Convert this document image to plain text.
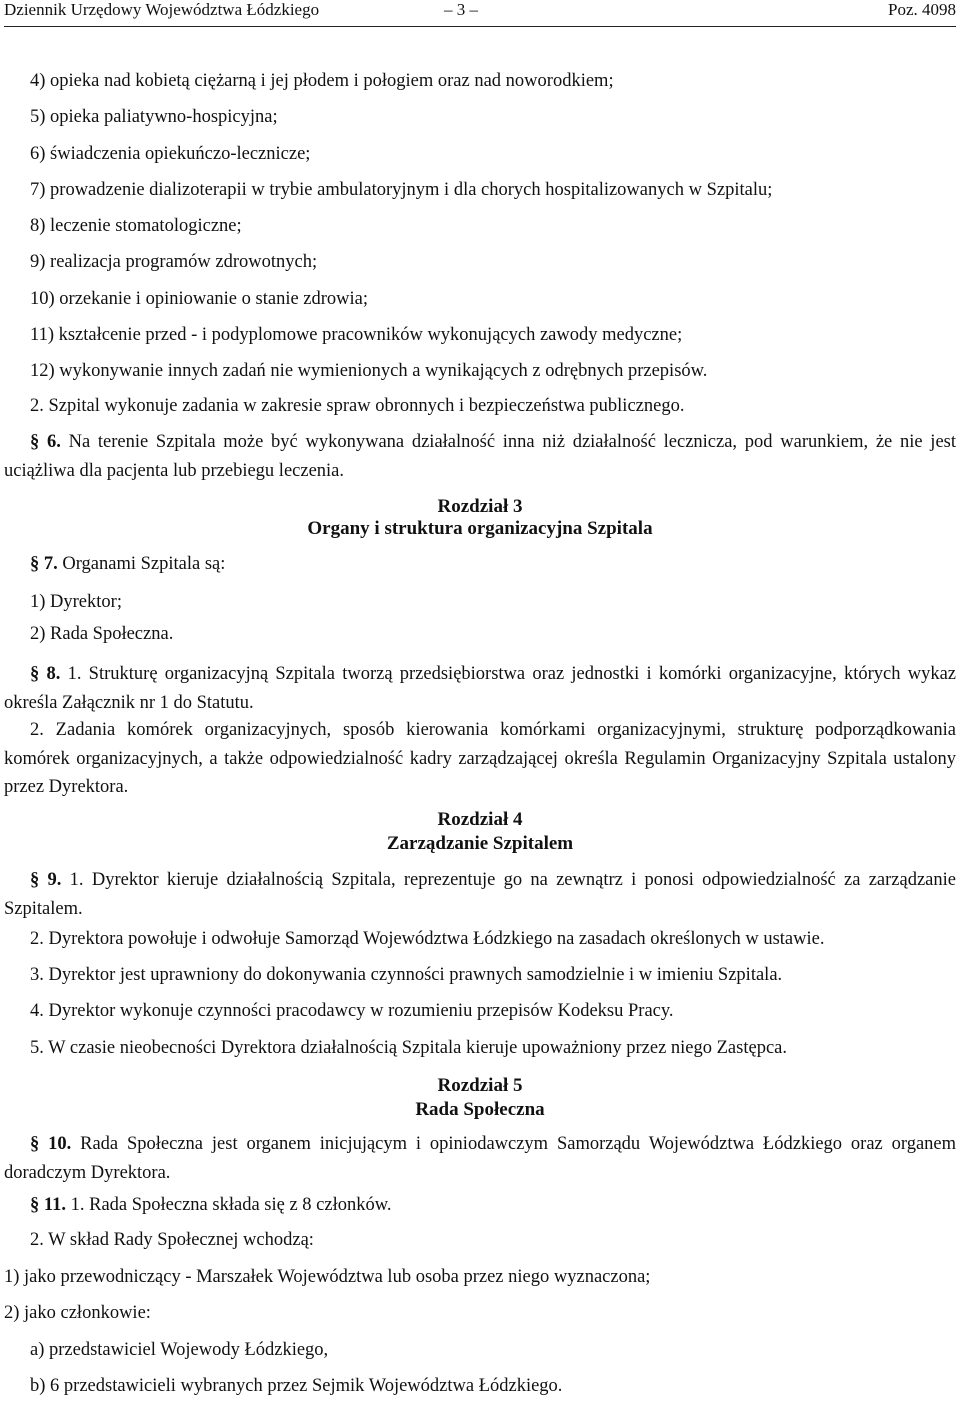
Dziennik Urzędowy Województwa Łódzkiego	– 3 –	Poz. 4098

4) opieka nad kobietą ciężarną i jej płodem i połogiem oraz nad noworodkiem;

5) opieka paliatywno-hospicyjna;

6) świadczenia opiekuńczo-lecznicze;

7) prowadzenie dializoterapii w trybie ambulatoryjnym i dla chorych hospitalizowanych w Szpitalu;

8) leczenie stomatologiczne;

9) realizacja programów zdrowotnych;

10) orzekanie i opiniowanie o stanie zdrowia;

11) kształcenie przed - i podyplomowe pracowników wykonujących zawody medyczne;

12) wykonywanie innych zadań nie wymienionych a wynikających z odrębnych przepisów.

2. Szpital wykonuje zadania w zakresie spraw obronnych i bezpieczeństwa publicznego.

§ 6. Na terenie Szpitala może być wykonywana działalność inna niż działalność lecznicza, pod warunkiem, że nie jest uciążliwa dla pacjenta lub przebiegu leczenia.

Rozdział 3

Organy i struktura organizacyjna Szpitala

§ 7. Organami Szpitala są:

1) Dyrektor;

2) Rada Społeczna.

§ 8. 1. Strukturę organizacyjną Szpitala tworzą przedsiębiorstwa oraz jednostki i komórki organizacyjne, których wykaz określa Załącznik nr 1 do Statutu.

2. Zadania komórek organizacyjnych, sposób kierowania komórkami organizacyjnymi, strukturę podporządkowania komórek organizacyjnych, a także odpowiedzialność kadry zarządzającej określa Regulamin Organizacyjny Szpitala ustalony przez Dyrektora.

Rozdział 4

Zarządzanie Szpitalem

§ 9. 1. Dyrektor kieruje działalnością Szpitala, reprezentuje go na zewnątrz i ponosi odpowiedzialność za zarządzanie Szpitalem.

2. Dyrektora powołuje i odwołuje Samorząd Województwa Łódzkiego na zasadach określonych w ustawie.

3. Dyrektor jest uprawniony do dokonywania czynności prawnych samodzielnie i w imieniu Szpitala.

4. Dyrektor wykonuje czynności pracodawcy w rozumieniu przepisów Kodeksu Pracy.

5. W czasie nieobecności Dyrektora działalnością Szpitala kieruje upoważniony przez niego Zastępca.

Rozdział 5

Rada Społeczna

§ 10. Rada Społeczna jest organem inicjującym i opiniodawczym Samorządu Województwa Łódzkiego oraz organem doradczym Dyrektora.

§ 11. 1. Rada Społeczna składa się z 8 członków.

2. W skład Rady Społecznej wchodzą:

1) jako przewodniczący - Marszałek Województwa lub osoba przez niego wyznaczona;

2) jako członkowie:

a) przedstawiciel Wojewody Łódzkiego,

b) 6 przedstawicieli wybranych przez Sejmik Województwa Łódzkiego.
